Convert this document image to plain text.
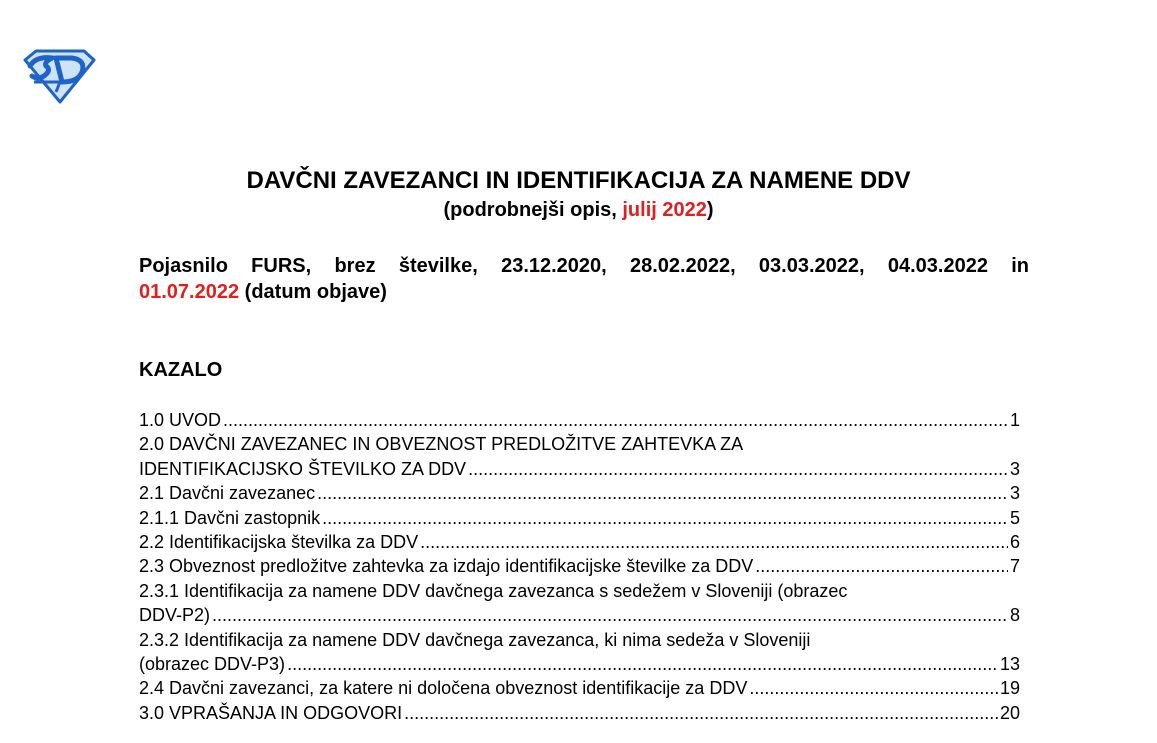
DAVČNI ZAVEZANCI IN IDENTIFIKACIJA ZA NAMENE DDV
(podrobnejši opis, julij 2022)
Pojasnilo FURS, brez številke, 23.12.2020, 28.02.2022, 03.03.2022, 04.03.2022 in
01.07.2022 (datum objave)
KAZALO
1.0 UVOD .....	1
2.0 DAVČNI ZAVEZANEC IN OBVEZNOST PREDLOŽITVE ZAHTEVKA ZA
IDENTIFIKACIJSKO ŠTEVILKO ZA DDV .....	3
2.1 Davčni zavezanec .....	3
2.1.1 Davčni zastopnik .....	5
2.2 Identifikacijska številka za DDV .....	6
2.3 Obveznost predložitve zahtevka za izdajo identifikacijske številke za DDV .....	7
2.3.1 Identifikacija za namene DDV davčnega zavezanca s sedežem v Sloveniji (obrazec
DDV-P2) .....	8
2.3.2 Identifikacija za namene DDV davčnega zavezanca, ki nima sedeža v Sloveniji
(obrazec DDV-P3) .....	13
2.4 Davčni zavezanci, za katere ni določena obveznost identifikacije za DDV .....	19
3.0 VPRAŠANJA IN ODGOVORI .....	20
